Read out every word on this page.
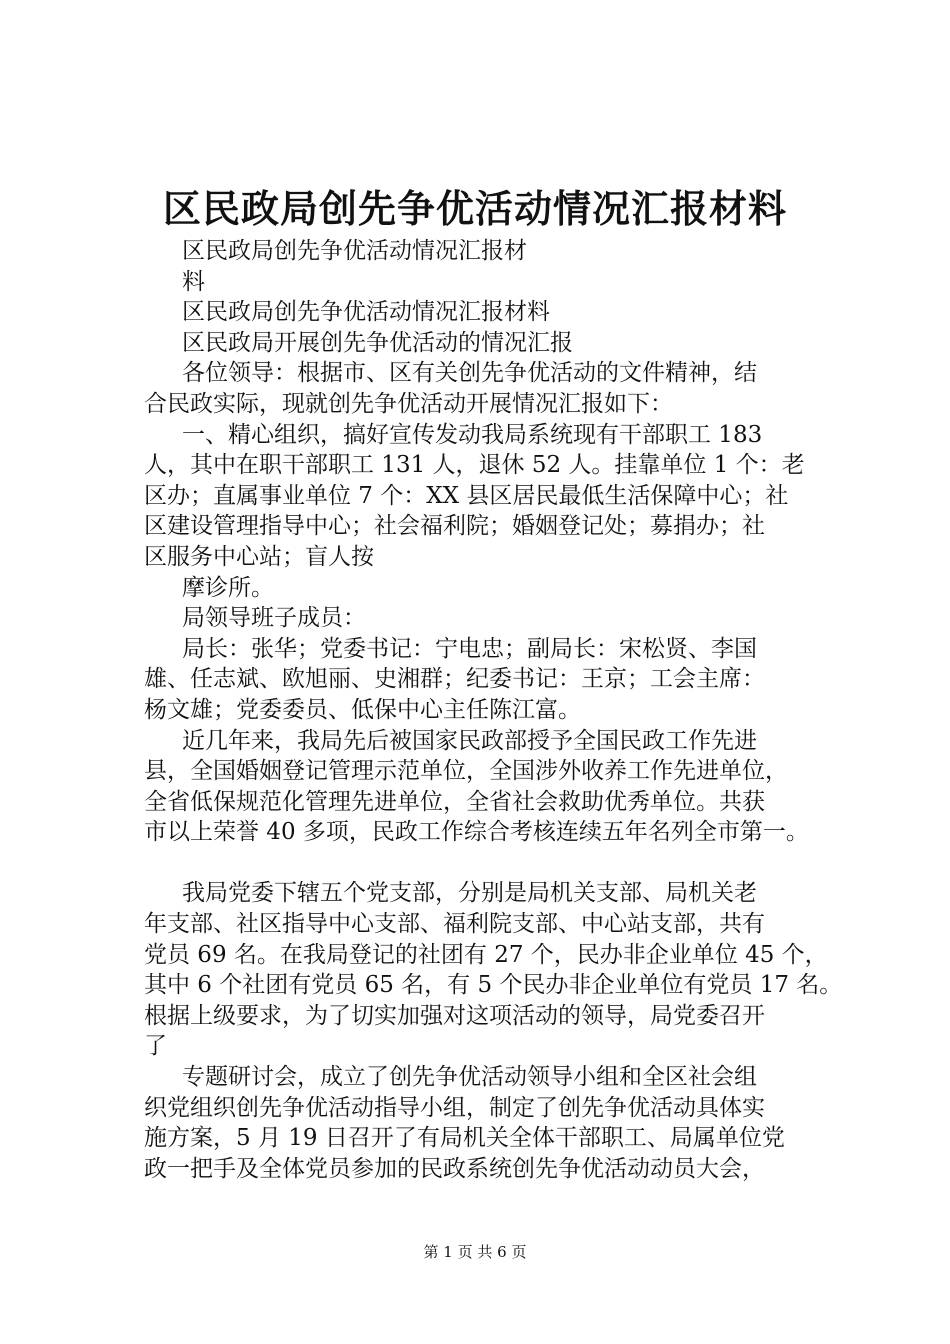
区民政局创先争优活动情况汇报材料
区民政局创先争优活动情况汇报材
料
区民政局创先争优活动情况汇报材料
区民政局开展创先争优活动的情况汇报
各位领导：根据市、区有关创先争优活动的文件精神，结
合民政实际，现就创先争优活动开展情况汇报如下：
一、精心组织，搞好宣传发动我局系统现有干部职工 183
人，其中在职干部职工 131 人，退休 52 人。挂靠单位 1 个：老
区办；直属事业单位 7 个：XX 县区居民最低生活保障中心；社
区建设管理指导中心；社会福利院；婚姻登记处；募捐办；社
区服务中心站；盲人按
摩诊所。
局领导班子成员：
局长：张华；党委书记：宁电忠；副局长：宋松贤、李国
雄、任志斌、欧旭丽、史湘群；纪委书记：王京；工会主席：
杨文雄；党委委员、低保中心主任陈江富。
近几年来，我局先后被国家民政部授予全国民政工作先进
县，全国婚姻登记管理示范单位，全国涉外收养工作先进单位，
全省低保规范化管理先进单位，全省社会救助优秀单位。共获
市以上荣誉 40 多项，民政工作综合考核连续五年名列全市第一。
我局党委下辖五个党支部，分别是局机关支部、局机关老
年支部、社区指导中心支部、福利院支部、中心站支部，共有
党员 69 名。在我局登记的社团有 27 个，民办非企业单位 45 个，
其中 6 个社团有党员 65 名，有 5 个民办非企业单位有党员 17 名。
根据上级要求，为了切实加强对这项活动的领导，局党委召开
了
专题研讨会，成立了创先争优活动领导小组和全区社会组
织党组织创先争优活动指导小组，制定了创先争优活动具体实
施方案，5 月 19 日召开了有局机关全体干部职工、局属单位党
政一把手及全体党员参加的民政系统创先争优活动动员大会，
第 1 页 共 6 页
